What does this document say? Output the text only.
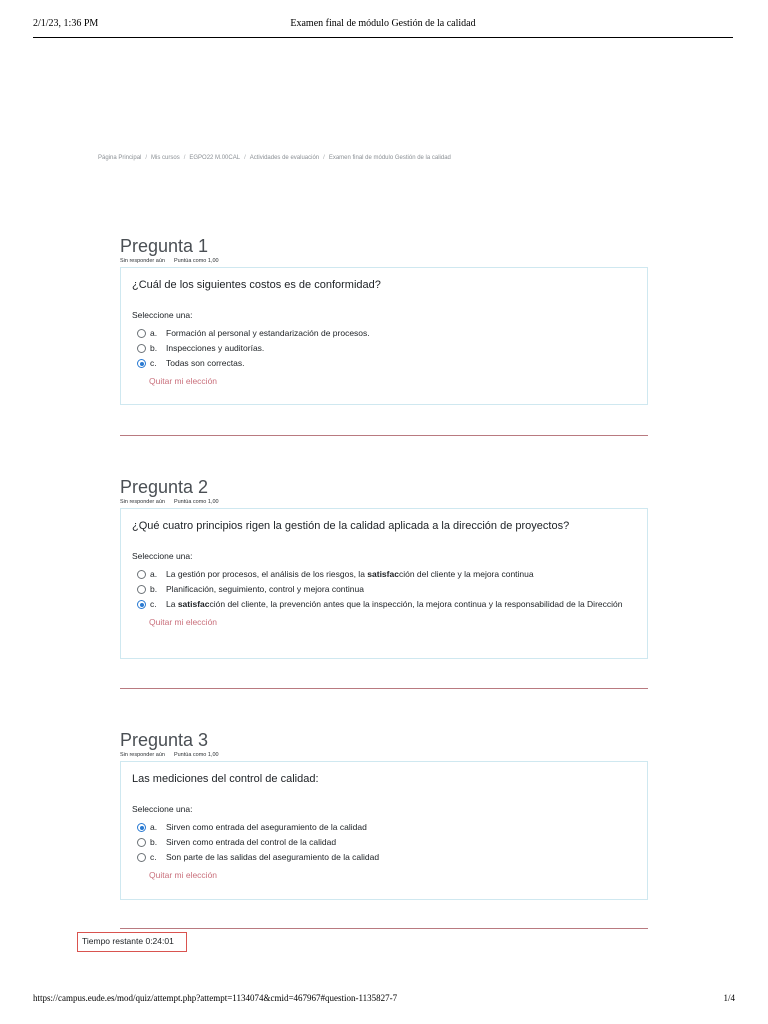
2/1/23, 1:36 PM	Examen final de módulo Gestión de la calidad
Página Principal / Mis cursos / EGPO22 M.00CAL / Actividades de evaluación / Examen final de módulo Gestión de la calidad
Pregunta 1
Sin responder aún Puntúa como 1,00
¿Cuál de los siguientes costos es de conformidad?
Seleccione una:
a.	Formación al personal y estandarización de procesos.
b.	Inspecciones y auditorías.
c.	Todas son correctas.
Quitar mi elección
Pregunta 2
Sin responder aún Puntúa como 1,00
¿Qué cuatro principios rigen la gestión de la calidad aplicada a la dirección de proyectos?
Seleccione una:
a.	La gestión por procesos, el análisis de los riesgos, la satisfacción del cliente y la mejora continua
b.	Planificación, seguimiento, control y mejora continua
c.	La satisfacción del cliente, la prevención antes que la inspección, la mejora continua y la responsabilidad de la Dirección
Quitar mi elección
Pregunta 3
Sin responder aún Puntúa como 1,00
Las mediciones del control de calidad:
Seleccione una:
a.	Sirven como entrada del aseguramiento de la calidad
b.	Sirven como entrada del control de la calidad
c.	Son parte de las salidas del aseguramiento de la calidad
Quitar mi elección
Tiempo restante 0:24:01
https://campus.eude.es/mod/quiz/attempt.php?attempt=1134074&cmid=467967#question-1135827-7	1/4
